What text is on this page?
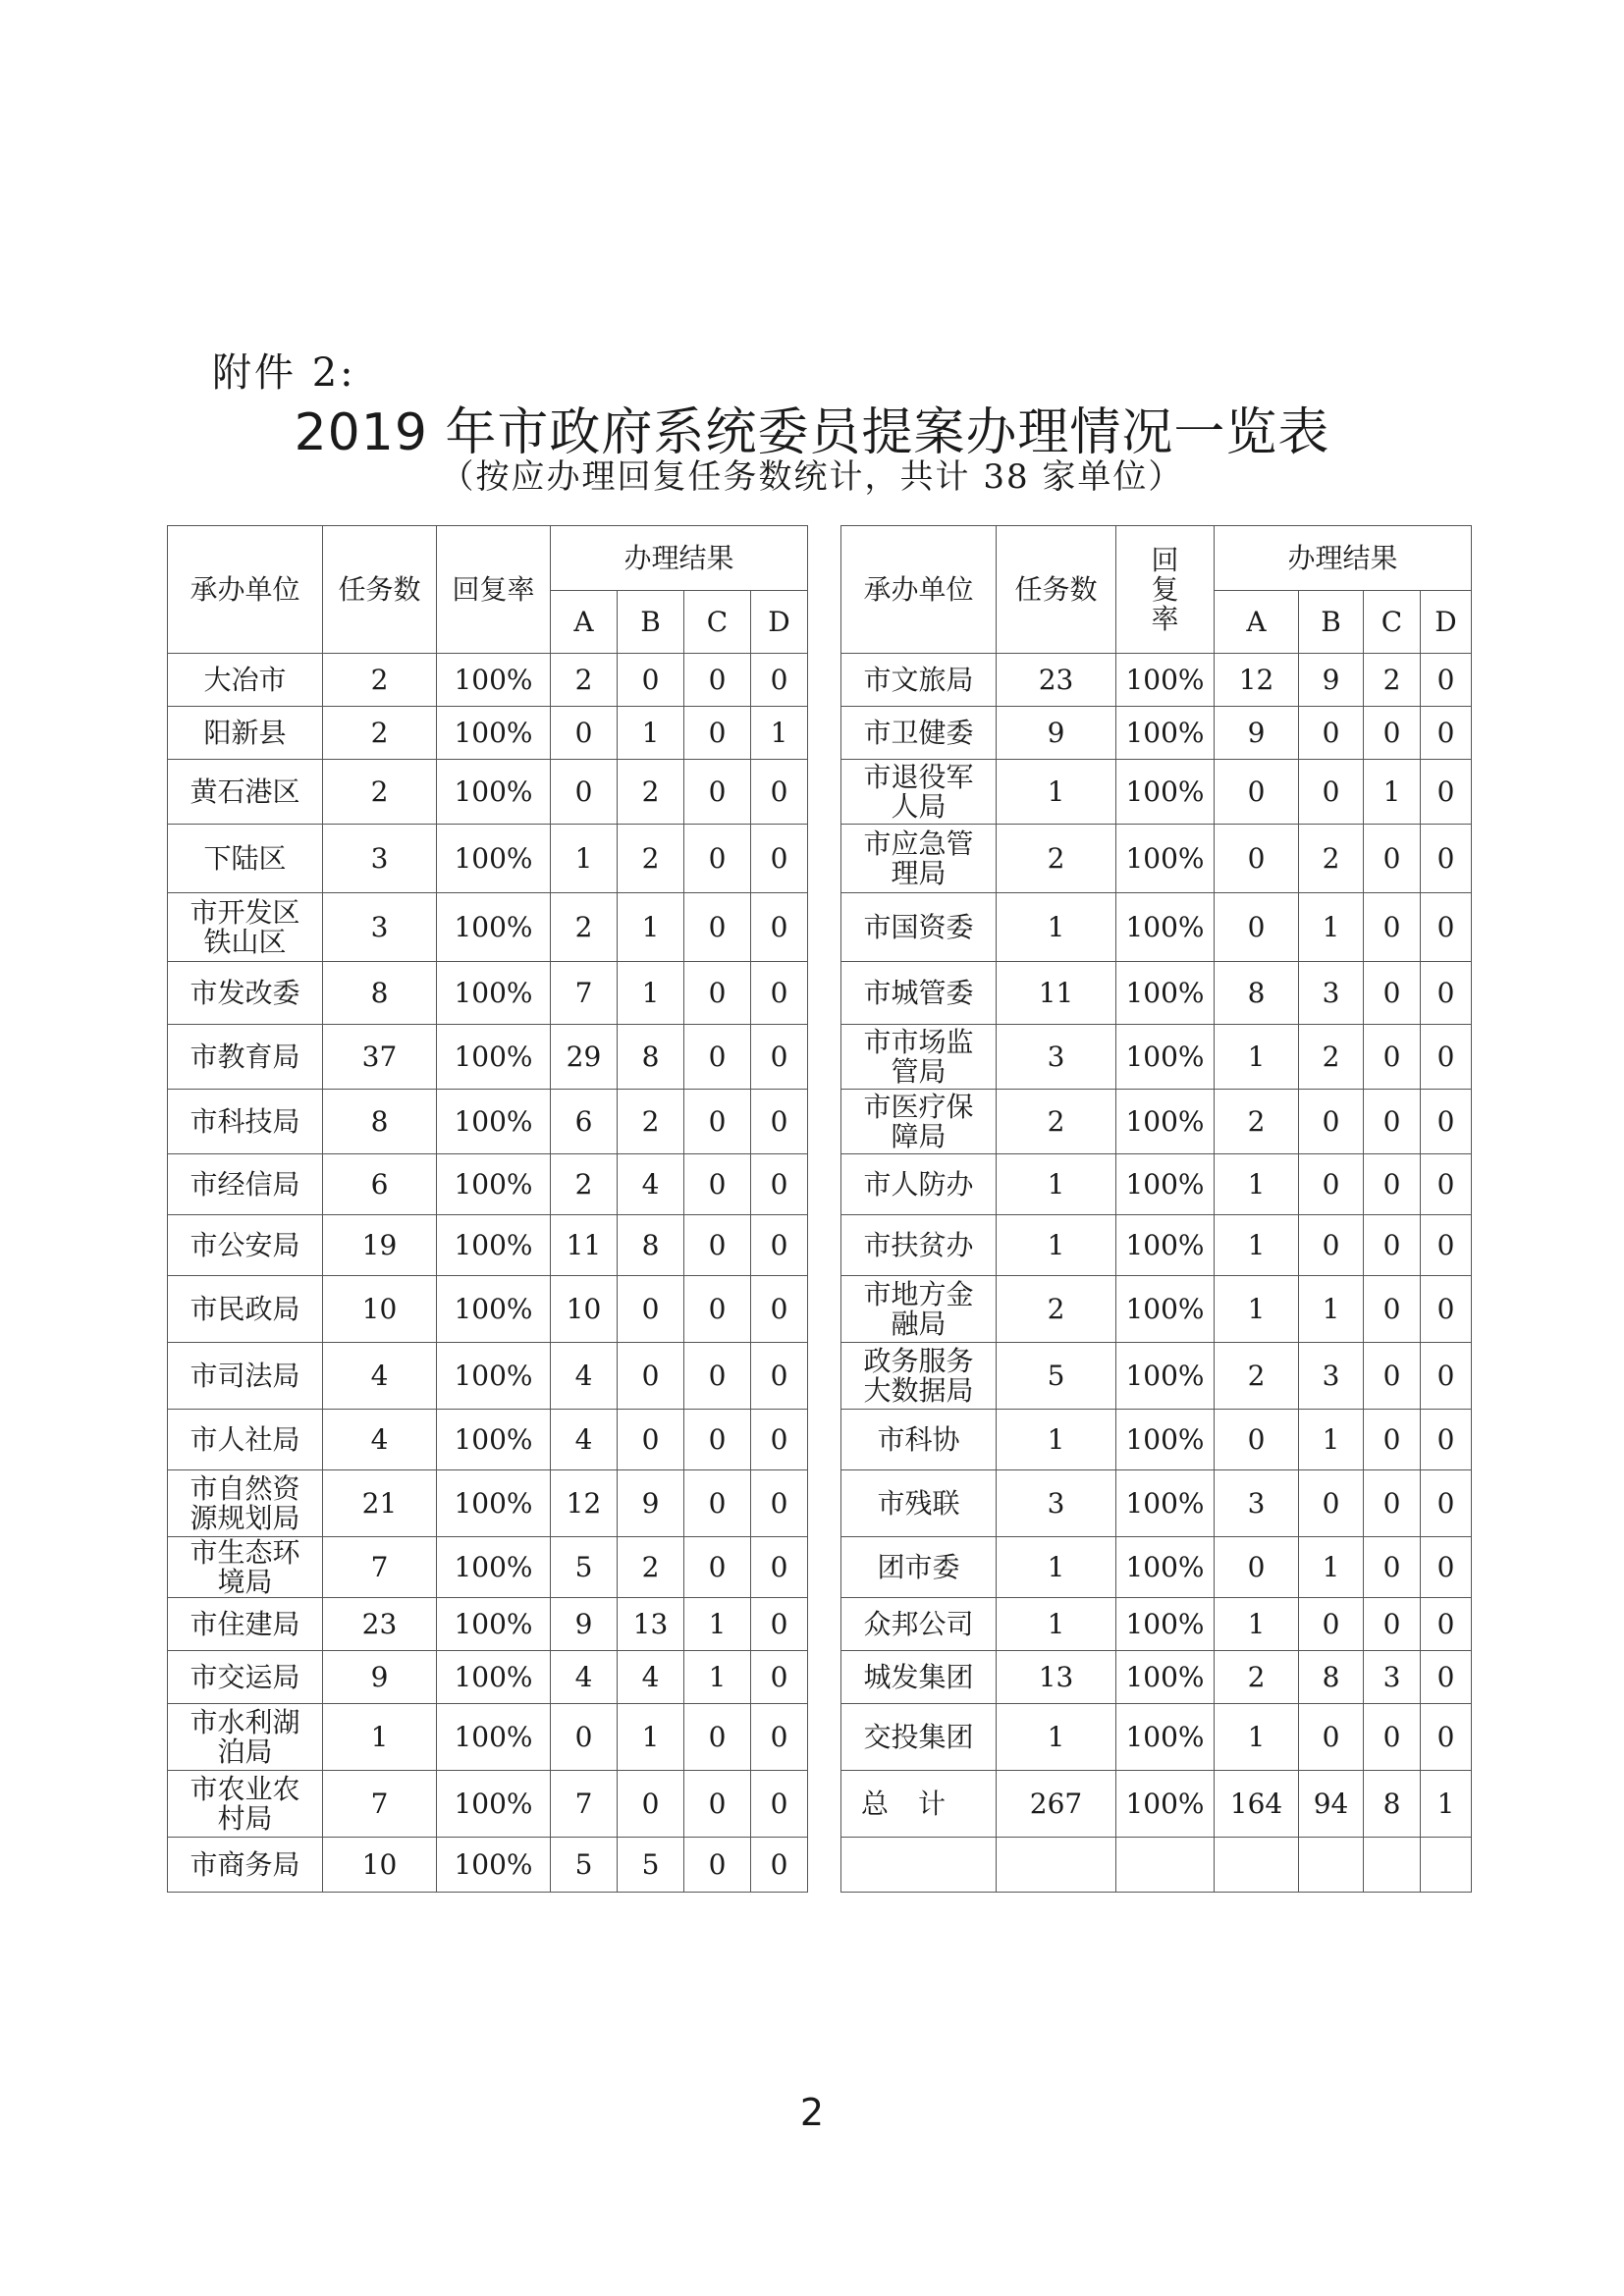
附件 2:
2019 年市政府系统委员提案办理情况一览表
（按应办理回复任务数统计，共计 38 家单位）
承办单位	任务数	回复率	办理结果					承办单位	任务数	回复率	办理结果			
			A	B	C	D					A	B	C	D
大冶市	2	100%	2	0	0	0		市文旅局	23	100%	12	9	2	0
阳新县	2	100%	0	1	0	1		市卫健委	9	100%	9	0	0	0
黄石港区	2	100%	0	2	0	0		市退役军人局	1	100%	0	0	1	0
下陆区	3	100%	1	2	0	0		市应急管理局	2	100%	0	2	0	0
市开发区铁山区	3	100%	2	1	0	0		市国资委	1	100%	0	1	0	0
市发改委	8	100%	7	1	0	0		市城管委	11	100%	8	3	0	0
市教育局	37	100%	29	8	0	0		市市场监管局	3	100%	1	2	0	0
市科技局	8	100%	6	2	0	0		市医疗保障局	2	100%	2	0	0	0
市经信局	6	100%	2	4	0	0		市人防办	1	100%	1	0	0	0
市公安局	19	100%	11	8	0	0		市扶贫办	1	100%	1	0	0	0
市民政局	10	100%	10	0	0	0		市地方金融局	2	100%	1	1	0	0
市司法局	4	100%	4	0	0	0		政务服务大数据局	5	100%	2	3	0	0
市人社局	4	100%	4	0	0	0		市科协	1	100%	0	1	0	0
市自然资源规划局	21	100%	12	9	0	0		市残联	3	100%	3	0	0	0
市生态环境局	7	100%	5	2	0	0		团市委	1	100%	0	1	0	0
市住建局	23	100%	9	13	1	0		众邦公司	1	100%	1	0	0	0
市交运局	9	100%	4	4	1	0		城发集团	13	100%	2	8	3	0
市水利湖泊局	1	100%	0	1	0	0		交投集团	1	100%	1	0	0	0
市农业农村局	7	100%	7	0	0	0		总计	267	100%	164	94	8	1
市商务局	10	100%	5	5	0	0								
2
